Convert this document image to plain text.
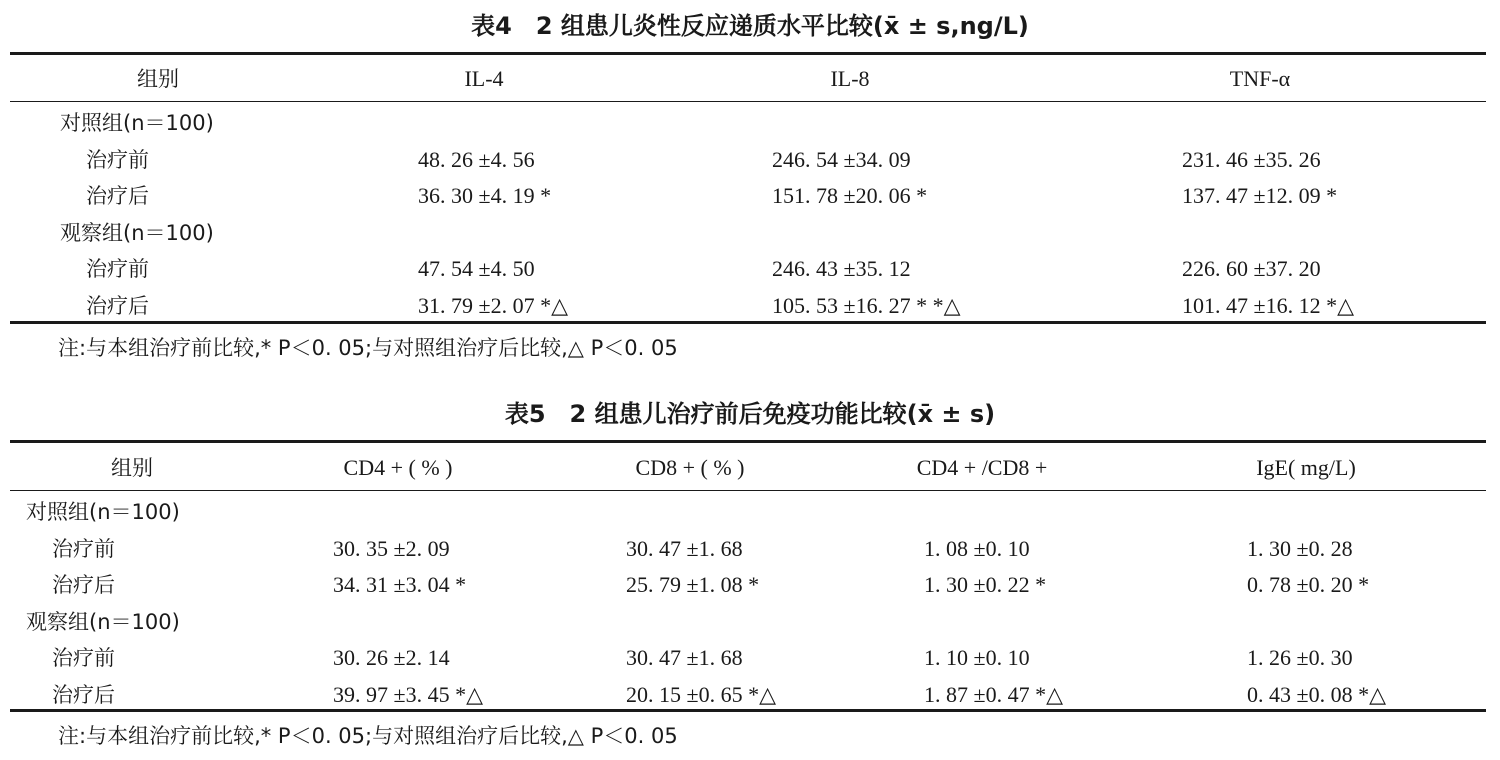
表4　2 组患儿炎性反应递质水平比较(x̄ ± s,ng/L)
组别	IL-4	IL-8	TNF-α
对照组(n＝100)
治疗前	48. 26 ±4. 56	246. 54 ±34. 09	231. 46 ±35. 26
治疗后	36. 30 ±4. 19 *	151. 78 ±20. 06 *	137. 47 ±12. 09 *
观察组(n＝100)
治疗前	47. 54 ±4. 50	246. 43 ±35. 12	226. 60 ±37. 20
治疗后	31. 79 ±2. 07 *△	105. 53 ±16. 27 * *△	101. 47 ±16. 12 *△
注:与本组治疗前比较,* P＜0. 05;与对照组治疗后比较,△ P＜0. 05
表5　2 组患儿治疗前后免疫功能比较(x̄ ± s)
组别	CD4 + ( % )	CD8 + ( % )	CD4 + /CD8 +	IgE( mg/L)
对照组(n＝100)
治疗前	30. 35 ±2. 09	30. 47 ±1. 68	1. 08 ±0. 10	1. 30 ±0. 28
治疗后	34. 31 ±3. 04 *	25. 79 ±1. 08 *	1. 30 ±0. 22 *	0. 78 ±0. 20 *
观察组(n＝100)
治疗前	30. 26 ±2. 14	30. 47 ±1. 68	1. 10 ±0. 10	1. 26 ±0. 30
治疗后	39. 97 ±3. 45 *△	20. 15 ±0. 65 *△	1. 87 ±0. 47 *△	0. 43 ±0. 08 *△
注:与本组治疗前比较,* P＜0. 05;与对照组治疗后比较,△ P＜0. 05
